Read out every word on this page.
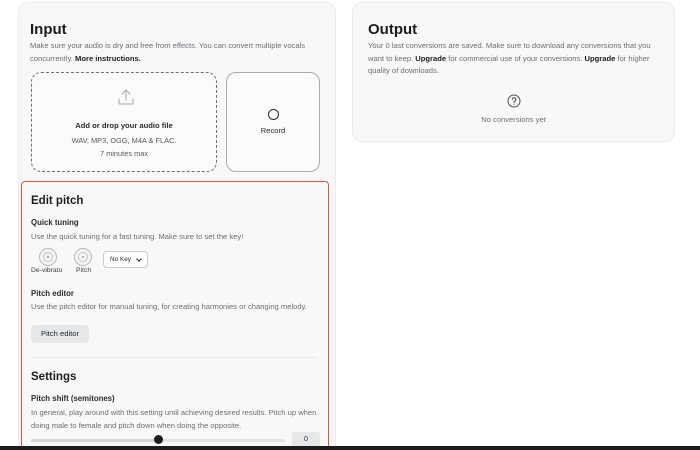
Input
Make sure your audio is dry and free from effects. You can convert multiple vocals concurrently. More instructions.
Add or drop your audio file
WAV, MP3, OGG, M4A & FLAC.
7 minutes max
Record
Edit pitch
Quick tuning
Use the quick tuning for a fast tuning. Make sure to set the key!
De-vibrato Pitch
No Key
Pitch editor
Use the pitch editor for manual tuning, for creating harmonies or changing melody.
Pitch editor
Settings
Pitch shift (semitones)
In general, play around with this setting until achieving desired results. Pitch up when doing male to female and pitch down when doing the opposite.
0
Output
Your 0 last conversions are saved. Make sure to download any conversions that you want to keep. Upgrade for commercial use of your conversions. Upgrade for higher quality of downloads.
No conversions yet
